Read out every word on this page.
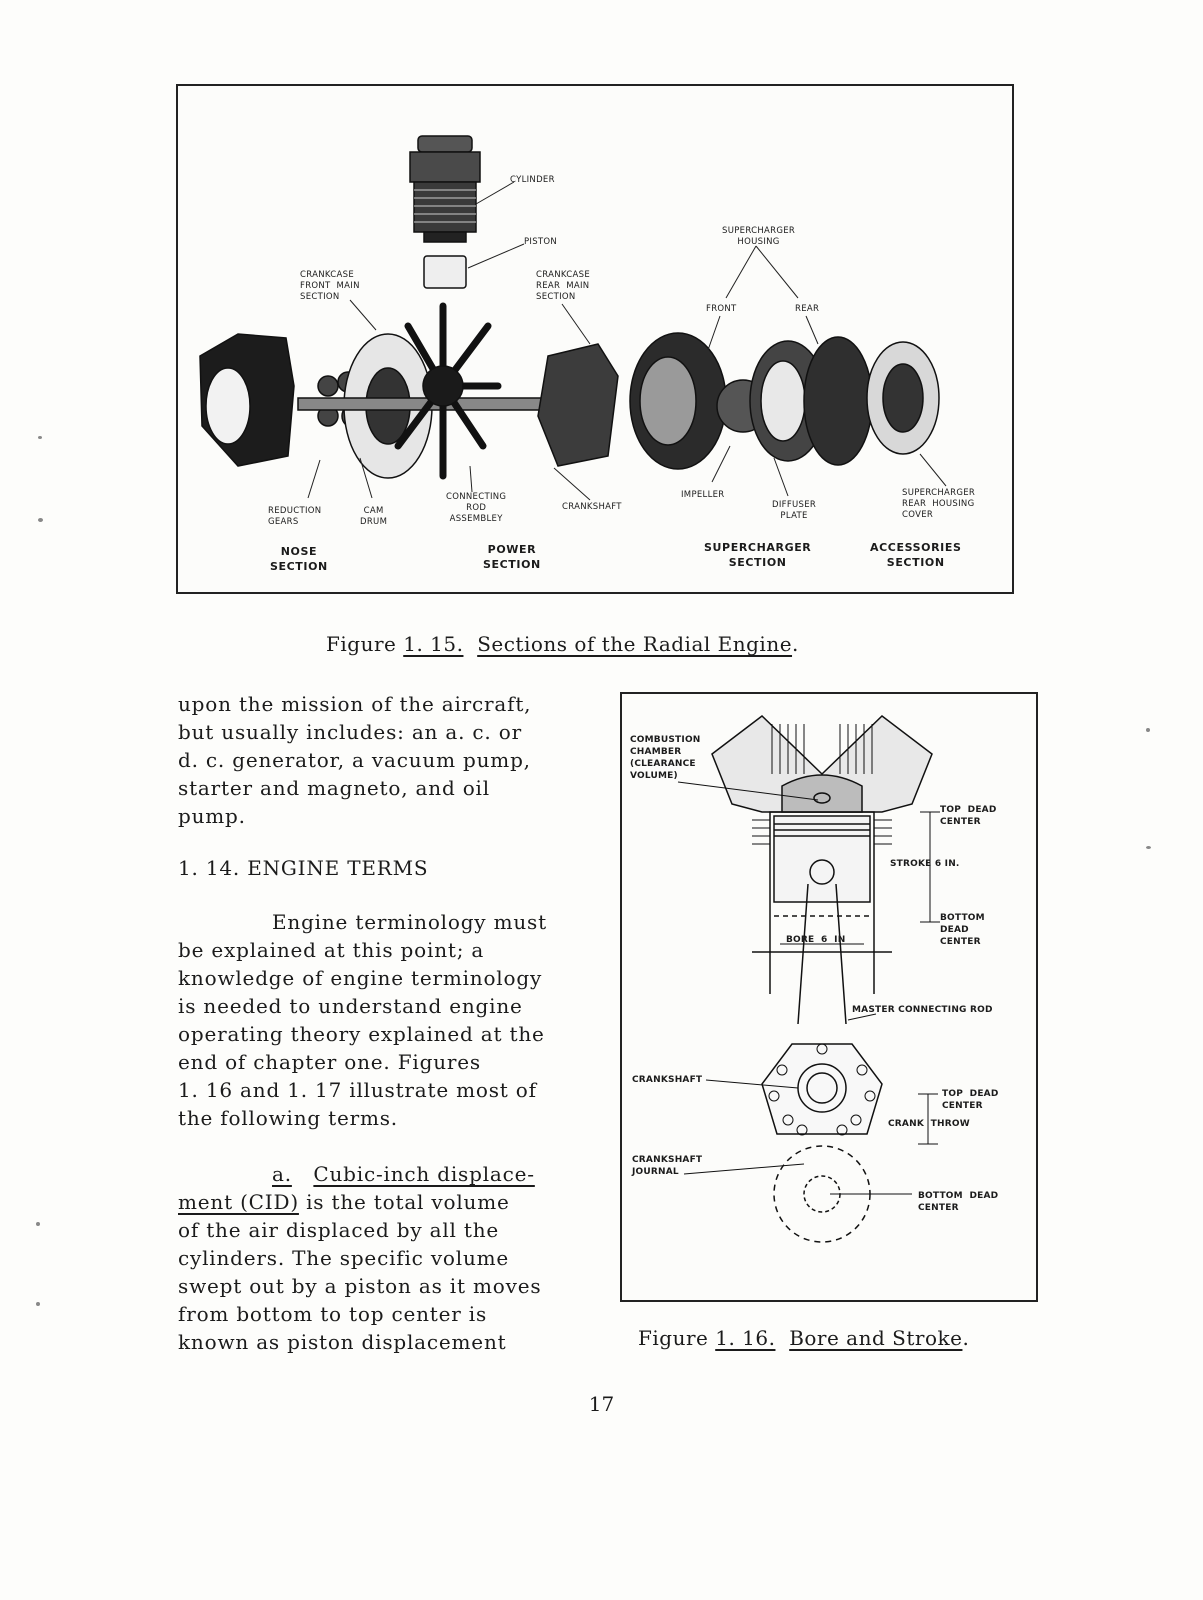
CYLINDER
PISTON
CRANKCASE
FRONT  MAIN
SECTION
CRANKCASE
REAR  MAIN
SECTION
SUPERCHARGER
HOUSING
FRONT	REAR
REDUCTION
GEARS
CAM
DRUM
CONNECTING
ROD
ASSEMBLEY
CRANKSHAFT
IMPELLER
DIFFUSER
PLATE
SUPERCHARGER
REAR  HOUSING
COVER
NOSE
SECTION
POWER
SECTION
SUPERCHARGER
SECTION
ACCESSORIES
SECTION
Figure 1. 15. Sections of the Radial Engine.
COMBUSTION
CHAMBER
(CLEARANCE
VOLUME)
TOP  DEAD
CENTER
STROKE 6 IN.
BOTTOM
DEAD
CENTER
BORE  6  IN
MASTER CONNECTING ROD
CRANKSHAFT
TOP  DEAD
CENTER
CRANK  THROW
CRANKSHAFT
JOURNAL
BOTTOM  DEAD
CENTER
Figure 1. 16. Bore and Stroke.
upon the mission of the aircraft,
but usually includes: an a. c. or
d. c. generator, a vacuum pump,
starter and magneto, and oil
pump.
1. 14. ENGINE TERMS
Engine terminology must
be explained at this point; a
knowledge of engine terminology
is needed to understand engine
operating theory explained at the
end of chapter one. Figures
1. 16 and 1. 17 illustrate most of
the following terms.
a. Cubic-inch displace-
ment (CID) is the total volume
of the air displaced by all the
cylinders. The specific volume
swept out by a piston as it moves
from bottom to top center is
known as piston displacement
17
